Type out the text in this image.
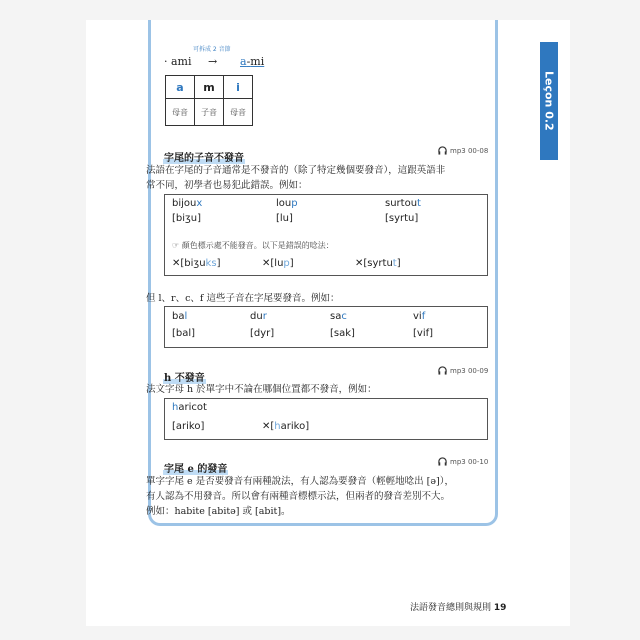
Leçon 0.2
可拆成 2 音節
· ami → a-mi
a	m	i
母音	子音	母音
字尾的子音不發音
mp3 00-08
法語在字尾的子音通常是不發音的（除了特定幾個要發音），這跟英語非
常不同，初學者也易犯此錯誤。例如：
bijoux	loup	surtout
[biʒu]	[lu]	[syrtu]
☞ 顏色標示處不能發音。以下是錯誤的唸法：
✕[biʒuks]	✕[lup]	✕[syrtut]
但 l、r、c、f 這些子音在字尾要發音。例如：
bal	dur	sac	vif
[bal]	[dyr]	[sak]	[vif]
h 不發音
mp3 00-09
法文字母 h 於單字中不論在哪個位置都不發音，例如：
haricot
[ariko]	✕[hariko]
字尾 e 的發音
mp3 00-10
單字字尾 e 是否要發音有兩種說法，有人認為要發音（輕輕地唸出 [ə]），
有人認為不用發音。所以會有兩種音標標示法，但兩者的發音差別不大。
例如：habite [abitə] 或 [abit]。
法語發音總則與規則 19
